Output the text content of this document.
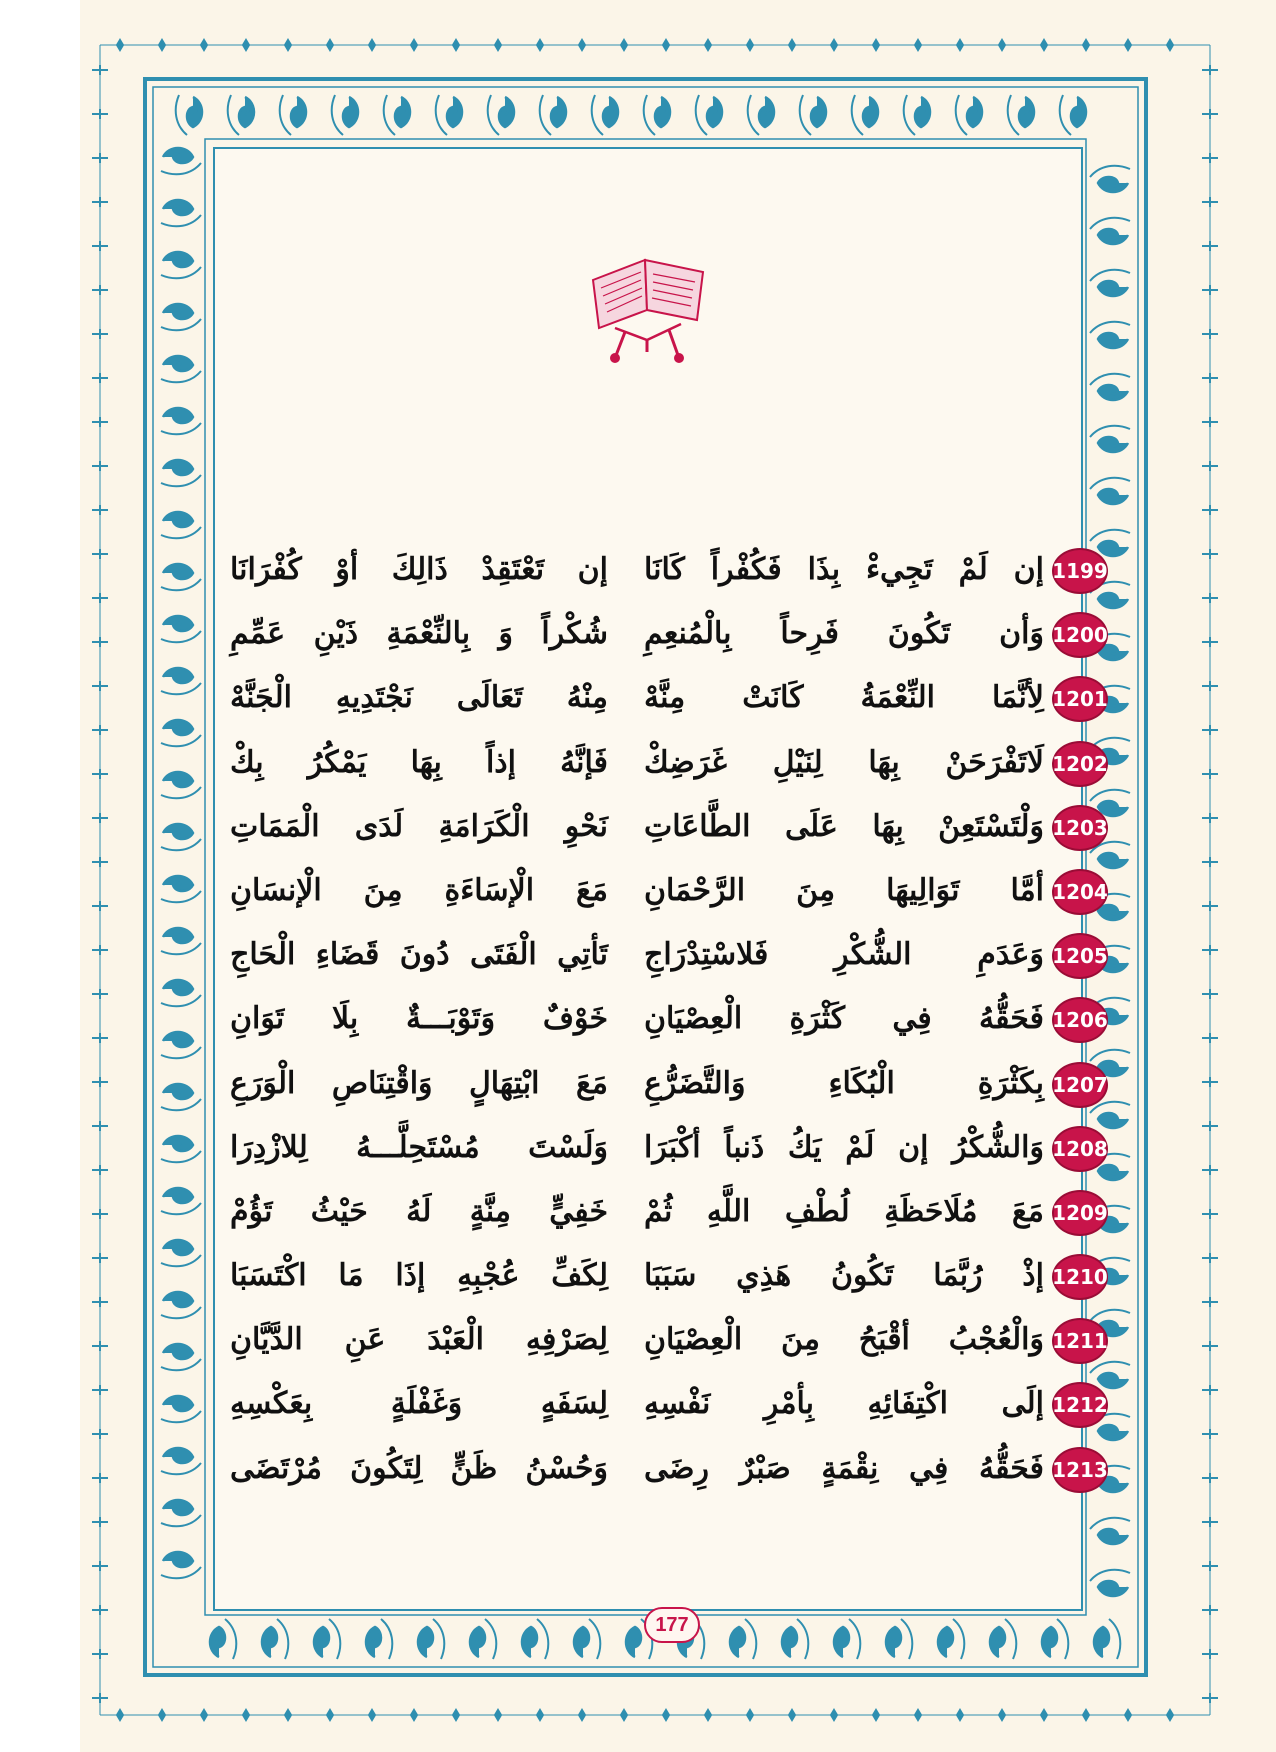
1199
إن لَمْ تَجِيءْ بِذَا فَكُفْراً كَانَا
إن تَعْتَقِدْ ذَالِكَ أوْ كُفْرَانَا
1200
وَأن تَكُونَ فَرِحاً بِالْمُنعِمِ
شُكْراً وَ بِالنِّعْمَةِ ذَيْنِ عَمِّمِ
1201
لِأنَّمَا النِّعْمَةُ كَانَتْ مِنَّهْ
مِنْهُ تَعَالَى نَجْتَدِيهِ الْجَنَّهْ
1202
لَاتَفْرَحَنْ بِهَا لِنَيْلِ غَرَضِكْ
فَإنَّهُ إذاً بِهَا يَمْكُرُ بِكْ
1203
وَلْتَسْتَعِنْ بِهَا عَلَى الطَّاعَاتِ
نَحْوِ الْكَرَامَةِ لَدَى الْمَمَاتِ
1204
أمَّا تَوَالِيهَا مِنَ الرَّحْمَانِ
مَعَ الْإسَاءَةِ مِنَ الْإنسَانِ
1205
وَعَدَمِ الشُّكْرِ فَلاسْتِدْرَاجِ
تَأتِي الْفَتَى دُونَ قَضَاءِ الْحَاجِ
1206
فَحَقُّهُ فِي كَثْرَةِ الْعِصْيَانِ
خَوْفٌ وَتَوْبَـــةٌ بِلَا تَوَانِ
1207
بِكَثْرَةِ الْبُكَاءِ وَالتَّضَرُّعِ
مَعَ ابْتِهَالٍ وَاقْتِنَاصِ الْوَرَعِ
1208
وَالشُّكْرُ إن لَمْ يَكُ ذَنباً أكْبَرَا
وَلَسْتَ مُسْتَحِلَّـــهُ لِلازْدِرَا
1209
مَعَ مُلَاحَظَةِ لُطْفِ اللَّهِ ثُمْ
خَفِيٍّ مِنَّةٍ لَهُ حَيْثُ تَؤُمْ
1210
إذْ رُبَّمَا تَكُونُ هَذِي سَبَبَا
لِكَفِّ عُجْبِهِ إذَا مَا اكْتَسَبَا
1211
وَالْعُجْبُ أقْبَحُ مِنَ الْعِصْيَانِ
لِصَرْفِهِ الْعَبْدَ عَنِ الدَّيَّانِ
1212
إلَى اكْتِفَائِهِ بِأمْرِ نَفْسِهِ
لِسَفَهٍ وَغَفْلَةٍ بِعَكْسِهِ
1213
فَحَقُّهُ فِي نِقْمَةٍ صَبْرٌ رِضَى
وَحُسْنُ ظَنٍّ لِتَكُونَ مُرْتَضَى
177
